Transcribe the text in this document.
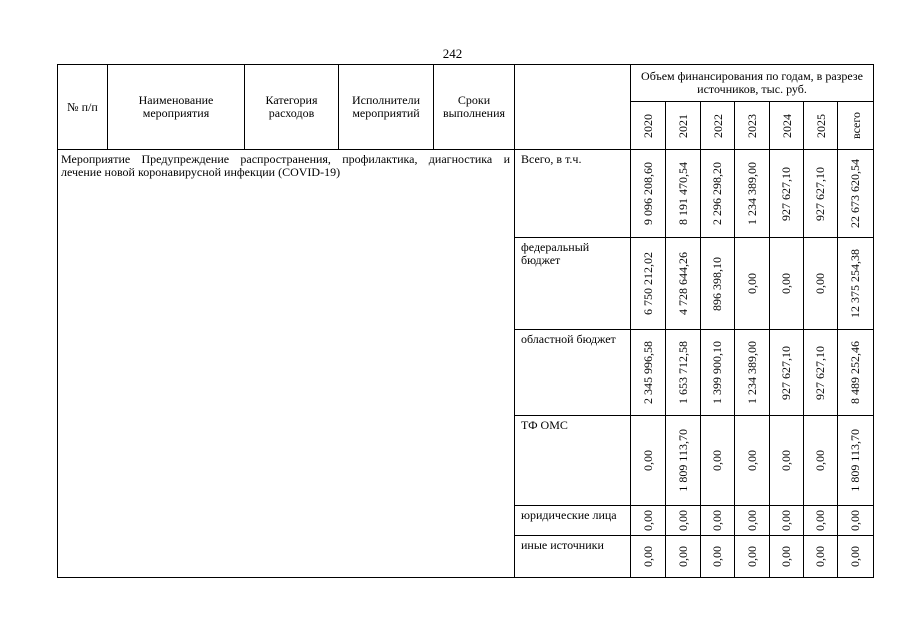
242
№ п/п	Наименование мероприятия	Категория расходов	Исполнители мероприятий	Сроки выполнения		Объем финансирования по годам, в разрезе источников, тыс. руб.						

						2020	2021	2022	2023	2024	2025	всего

Мероприятие Предупреждение распространения, профилактика, диагностика и лечение новой коронавирусной инфекции (COVID-19)					Всего, в т.ч.	9 096 208,60	8 191 470,54	2 296 298,20	1 234 389,00	927 627,10	927 627,10	22 673 620,54

					федеральный бюджет	6 750 212,02	4 728 644,26	896 398,10	0,00	0,00	0,00	12 375 254,38

					областной бюджет	2 345 996,58	1 653 712,58	1 399 900,10	1 234 389,00	927 627,10	927 627,10	8 489 252,46

					ТФ ОМС	0,00	1 809 113,70	0,00	0,00	0,00	0,00	1 809 113,70

					юридические лица	0,00	0,00	0,00	0,00	0,00	0,00	0,00

					иные источники	0,00	0,00	0,00	0,00	0,00	0,00	0,00
